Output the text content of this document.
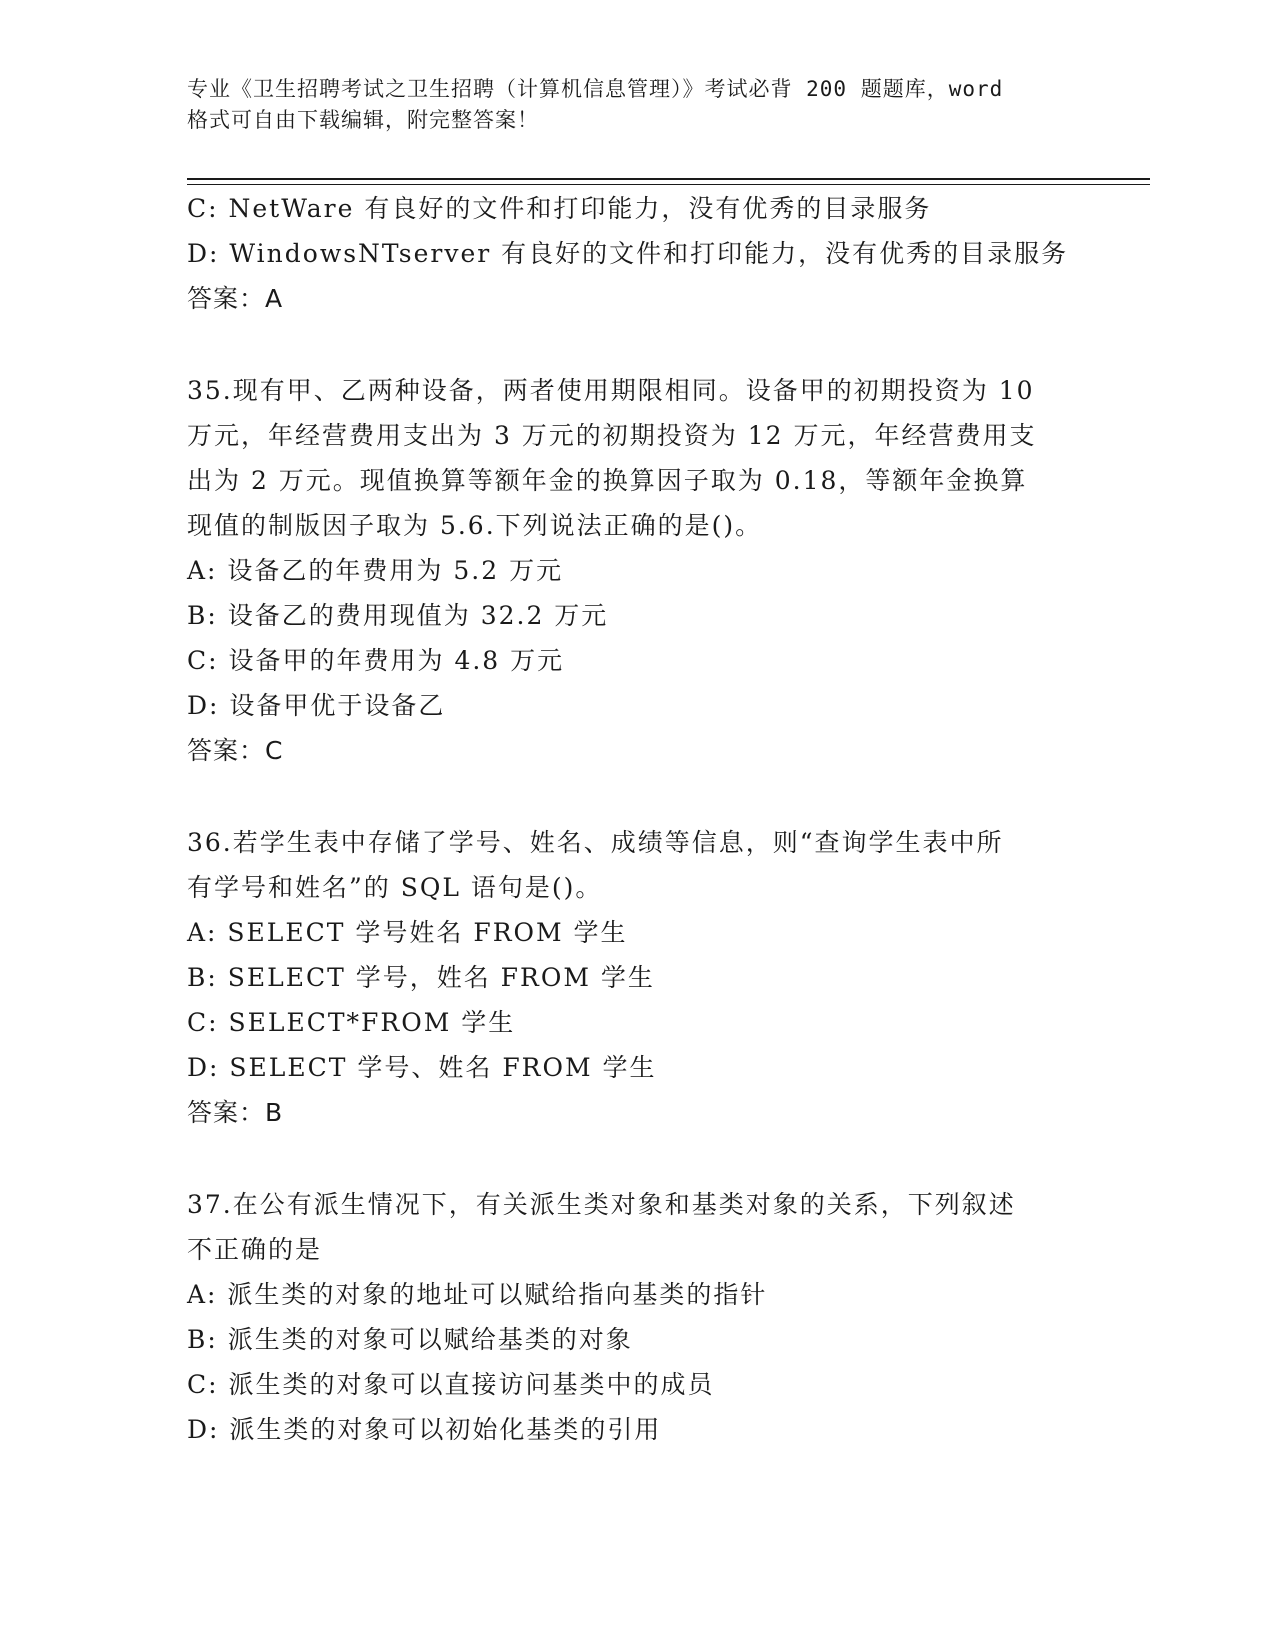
专业《卫生招聘考试之卫生招聘（计算机信息管理）》考试必背 200 题题库，word
格式可自由下载编辑，附完整答案！
C: NetWare 有良好的文件和打印能力，没有优秀的目录服务
D: WindowsNTserver 有良好的文件和打印能力，没有优秀的目录服务
答案：A
35.现有甲、乙两种设备，两者使用期限相同。设备甲的初期投资为 10
万元，年经营费用支出为 3 万元的初期投资为 12 万元，年经营费用支
出为 2 万元。现值换算等额年金的换算因子取为 0.18，等额年金换算
现值的制版因子取为 5.6.下列说法正确的是()。
A: 设备乙的年费用为 5.2 万元
B: 设备乙的费用现值为 32.2 万元
C: 设备甲的年费用为 4.8 万元
D: 设备甲优于设备乙
答案：C
36.若学生表中存储了学号、姓名、成绩等信息，则“查询学生表中所
有学号和姓名”的 SQL 语句是()。
A: SELECT 学号姓名 FROM 学生
B: SELECT 学号，姓名 FROM 学生
C: SELECT*FROM 学生
D: SELECT 学号、姓名 FROM 学生
答案：B
37.在公有派生情况下，有关派生类对象和基类对象的关系，下列叙述
不正确的是
A: 派生类的对象的地址可以赋给指向基类的指针
B: 派生类的对象可以赋给基类的对象
C: 派生类的对象可以直接访问基类中的成员
D: 派生类的对象可以初始化基类的引用
